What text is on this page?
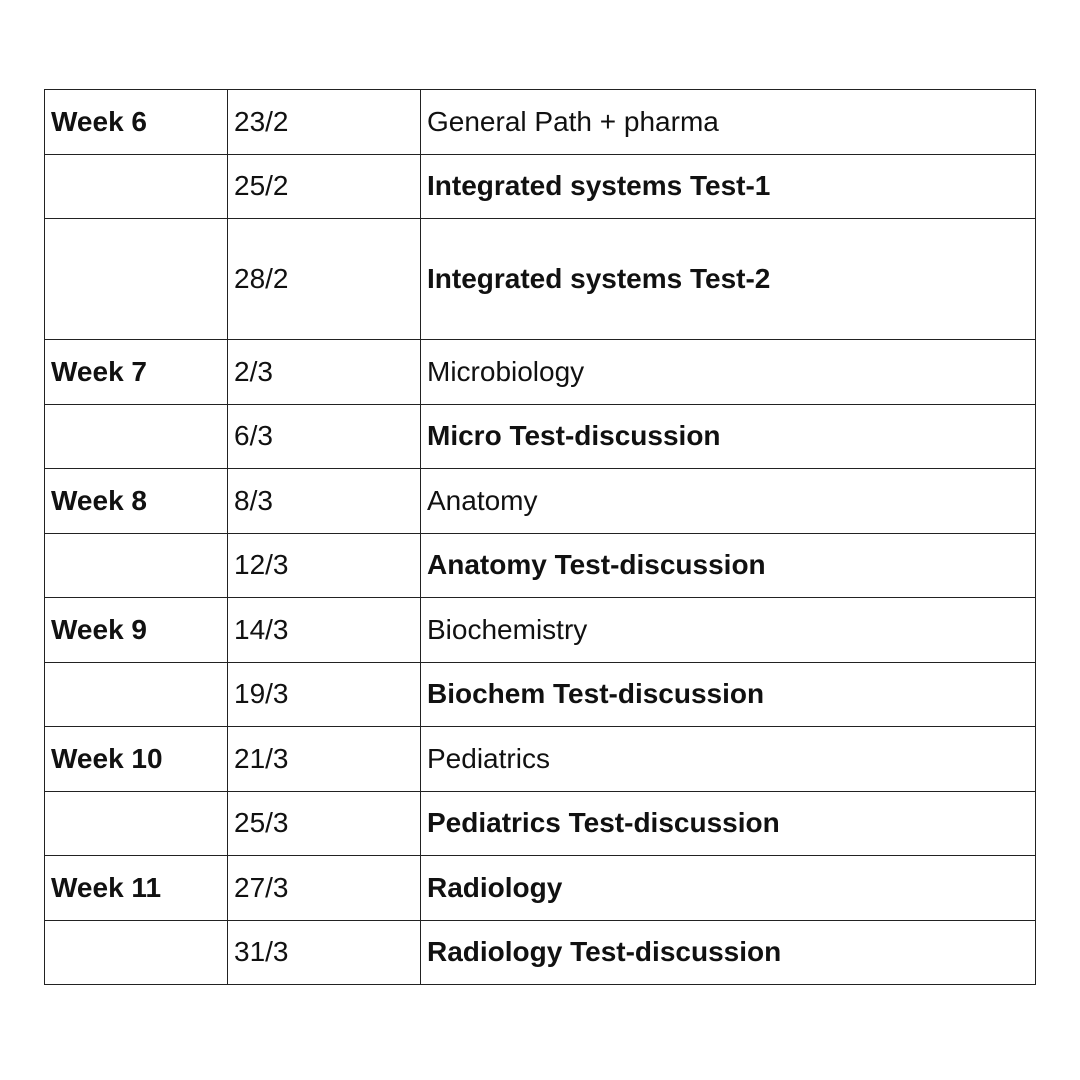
Week 6	23/2	General Path + pharma
	25/2	Integrated systems Test-1
	28/2	Integrated systems Test-2
Week 7	2/3	Microbiology
	6/3	Micro Test-discussion
Week 8	8/3	Anatomy
	12/3	Anatomy Test-discussion
Week 9	14/3	Biochemistry
	19/3	Biochem Test-discussion
Week 10	21/3	Pediatrics
	25/3	Pediatrics Test-discussion
Week 11	27/3	Radiology
	31/3	Radiology Test-discussion
